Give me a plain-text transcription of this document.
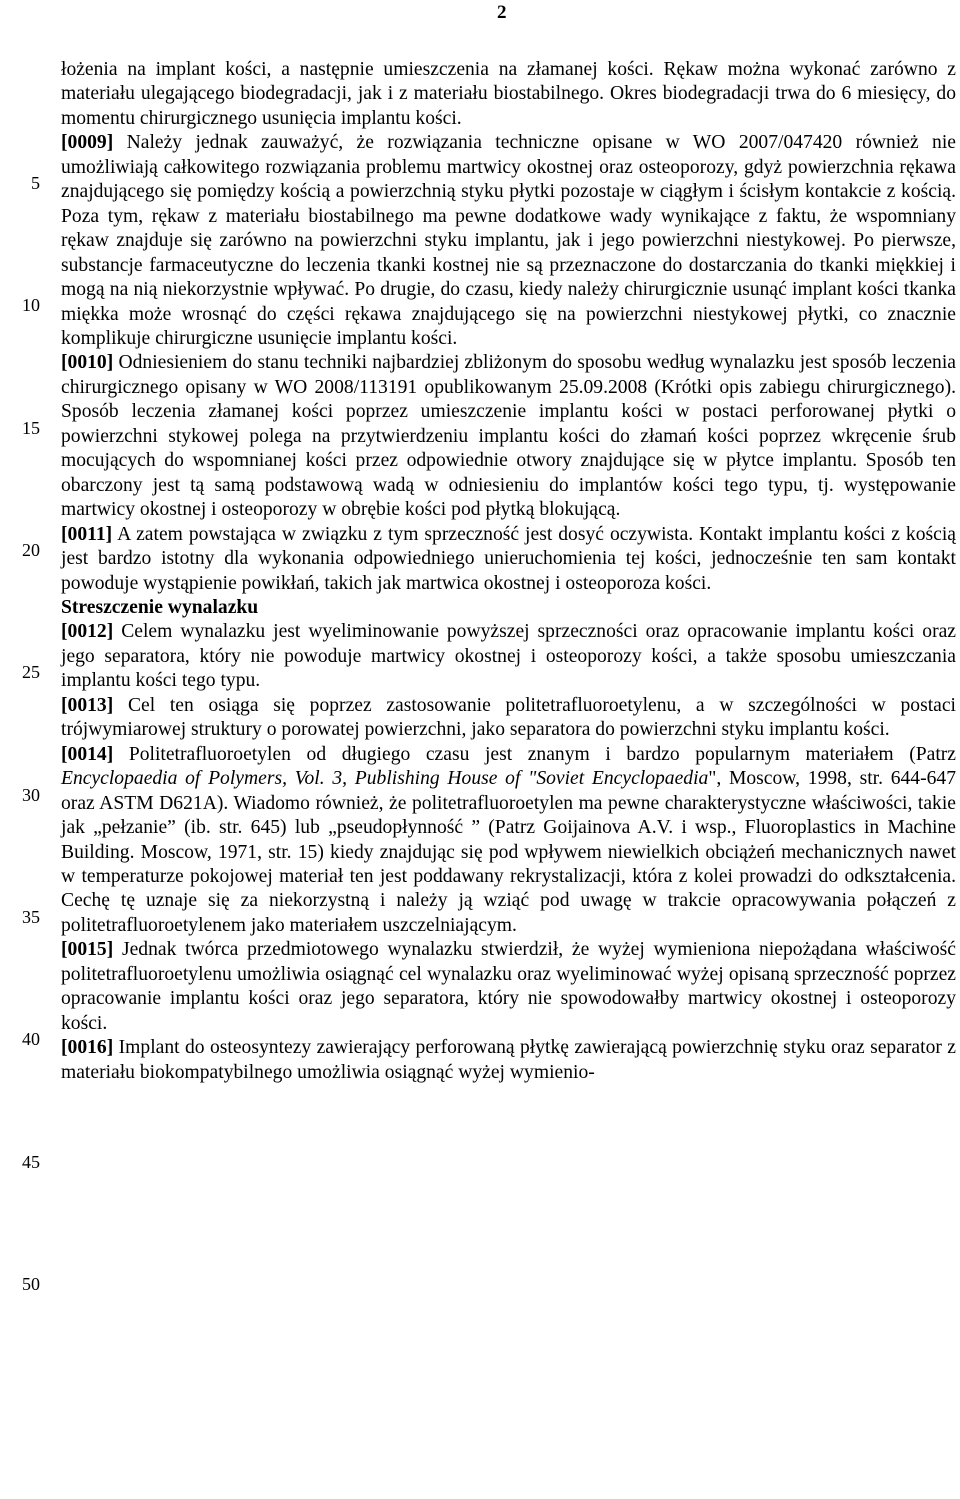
2
5
10
15
20
25
30
35
40
45
50

łożenia na implant kości, a następnie umieszczenia na złamanej kości. Rękaw można wykonać zarówno z materiału ulegającego biodegradacji, jak i z materiału biostabilnego. Okres biodegradacji trwa do 6 miesięcy, do momentu chirurgicznego usunięcia implantu kości.

[0009] Należy jednak zauważyć, że rozwiązania techniczne opisane w WO 2007/047420 również nie umożliwiają całkowitego rozwiązania problemu martwicy okostnej oraz osteoporozy, gdyż powierzchnia rękawa znajdującego się pomiędzy kością a powierzchnią styku płytki pozostaje w ciągłym i ścisłym kontakcie z kością. Poza tym, rękaw z materiału biostabilnego ma pewne dodatkowe wady wynikające z faktu, że wspomniany rękaw znajduje się zarówno na powierzchni styku implantu, jak i jego powierzchni niestykowej. Po pierwsze, substancje farmaceutyczne do leczenia tkanki kostnej nie są przeznaczone do dostarczania do tkanki miękkiej i mogą na nią niekorzystnie wpływać. Po drugie, do czasu, kiedy należy chirurgicznie usunąć implant kości tkanka miękka może wrosnąć do części rękawa znajdującego się na powierzchni niestykowej płytki, co znacznie komplikuje chirurgiczne usunięcie implantu kości.

[0010] Odniesieniem do stanu techniki najbardziej zbliżonym do sposobu według wynalazku jest sposób leczenia chirurgicznego opisany w WO 2008/113191 opublikowanym 25.09.2008 (Krótki opis zabiegu chirurgicznego). Sposób leczenia złamanej kości poprzez umieszczenie implantu kości w postaci perforowanej płytki o powierzchni stykowej polega na przytwierdzeniu implantu kości do złamań kości poprzez wkręcenie śrub mocujących do wspomnianej kości przez odpowiednie otwory znajdujące się w płytce implantu. Sposób ten obarczony jest tą samą podstawową wadą w odniesieniu do implantów kości tego typu, tj. występowanie martwicy okostnej i osteoporozy w obrębie kości pod płytką blokującą.

[0011] A zatem powstająca w związku z tym sprzeczność jest dosyć oczywista. Kontakt implantu kości z kością jest bardzo istotny dla wykonania odpowiedniego unieruchomienia tej kości, jednocześnie ten sam kontakt powoduje wystąpienie powikłań, takich jak martwica okostnej i osteoporoza kości.

Streszczenie wynalazku

[0012] Celem wynalazku jest wyeliminowanie powyższej sprzeczności oraz opracowanie implantu kości oraz jego separatora, który nie powoduje martwicy okostnej i osteoporozy kości, a także sposobu umieszczania implantu kości tego typu.

[0013] Cel ten osiąga się poprzez zastosowanie politetrafluoroetylenu, a w szczególności w postaci trójwymiarowej struktury o porowatej powierzchni, jako separatora do powierzchni styku implantu kości.

[0014] Politetrafluoroetylen od długiego czasu jest znanym i bardzo popularnym materiałem (Patrz Encyclopaedia of Polymers, Vol. 3, Publishing House of "Soviet Encyclopaedia", Moscow, 1998, str. 644-647 oraz ASTM D621A). Wiadomo również, że politetrafluoroetylen ma pewne charakterystyczne właściwości, takie jak „pełzanie” (ib. str. 645) lub „pseudopłynność ” (Patrz Goijainova A.V. i wsp., Fluoroplastics in Machine Building. Moscow, 1971, str. 15) kiedy znajdując się pod wpływem niewielkich obciążeń mechanicznych nawet w temperaturze pokojowej materiał ten jest poddawany rekrystalizacji, która z kolei prowadzi do odkształcenia. Cechę tę uznaje się za niekorzystną i należy ją wziąć pod uwagę w trakcie opracowywania połączeń z politetrafluoroetylenem jako materiałem uszczelniającym.

[0015] Jednak twórca przedmiotowego wynalazku stwierdził, że wyżej wymieniona niepożądana właściwość politetrafluoroetylenu umożliwia osiągnąć cel wynalazku oraz wyeliminować wyżej opisaną sprzeczność poprzez opracowanie implantu kości oraz jego separatora, który nie spowodowałby martwicy okostnej i osteoporozy kości.

[0016] Implant do osteosyntezy zawierający perforowaną płytkę zawierającą powierzchnię styku oraz separator z materiału biokompatybilnego umożliwia osiągnąć wyżej wymienio-
